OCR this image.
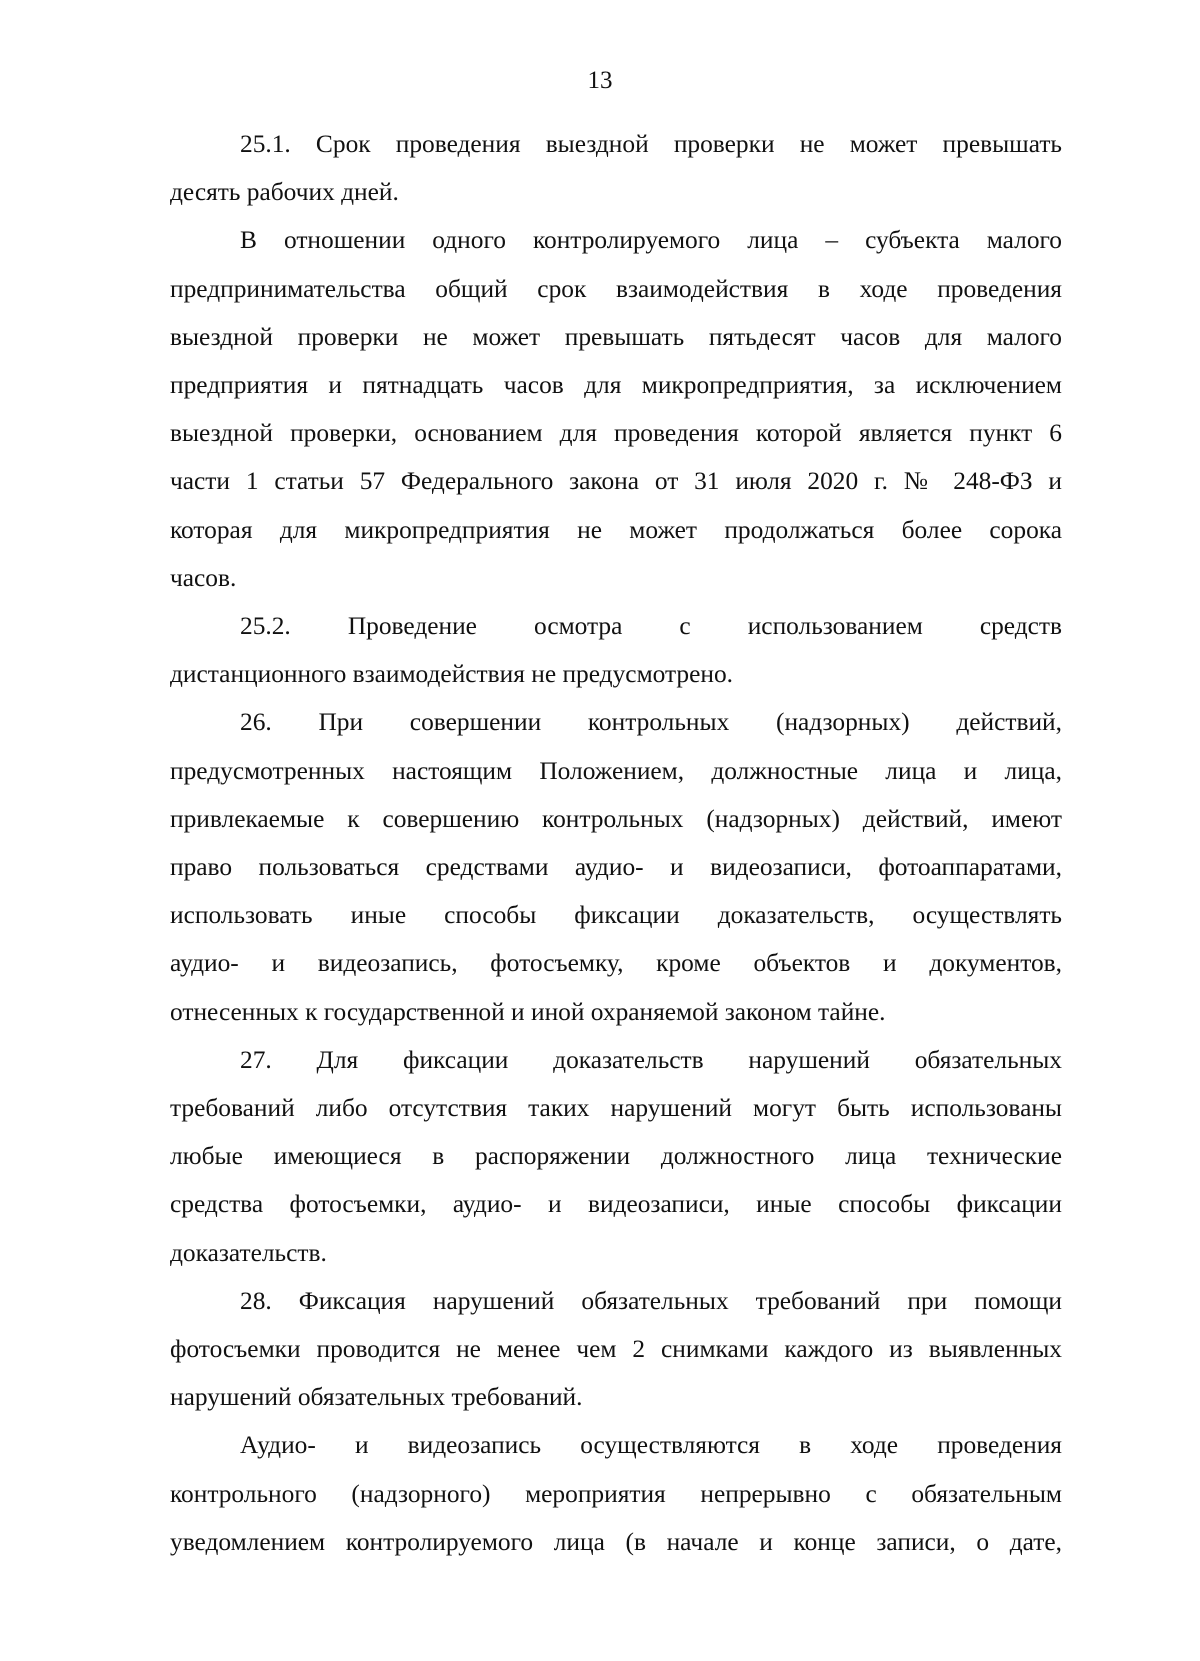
13
25.1. Срок проведения выездной проверки не может превышать
десять рабочих дней.
В отношении одного контролируемого лица – субъекта малого
предпринимательства общий срок взаимодействия в ходе проведения
выездной проверки не может превышать пятьдесят часов для малого
предприятия и пятнадцать часов для микропредприятия, за исключением
выездной проверки, основанием для проведения которой является пункт 6
части 1 статьи 57 Федерального закона от 31 июля 2020 г. № 248-ФЗ и
которая для микропредприятия не может продолжаться более сорока
часов.
25.2. Проведение осмотра с использованием средств
дистанционного взаимодействия не предусмотрено.
26. При совершении контрольных (надзорных) действий,
предусмотренных настоящим Положением, должностные лица и лица,
привлекаемые к совершению контрольных (надзорных) действий, имеют
право пользоваться средствами аудио- и видеозаписи, фотоаппаратами,
использовать иные способы фиксации доказательств, осуществлять
аудио- и видеозапись, фотосъемку, кроме объектов и документов,
отнесенных к государственной и иной охраняемой законом тайне.
27. Для фиксации доказательств нарушений обязательных
требований либо отсутствия таких нарушений могут быть использованы
любые имеющиеся в распоряжении должностного лица технические
средства фотосъемки, аудио- и видеозаписи, иные способы фиксации
доказательств.
28. Фиксация нарушений обязательных требований при помощи
фотосъемки проводится не менее чем 2 снимками каждого из выявленных
нарушений обязательных требований.
Аудио- и видеозапись осуществляются в ходе проведения
контрольного (надзорного) мероприятия непрерывно с обязательным
уведомлением контролируемого лица (в начале и конце записи, о дате,
